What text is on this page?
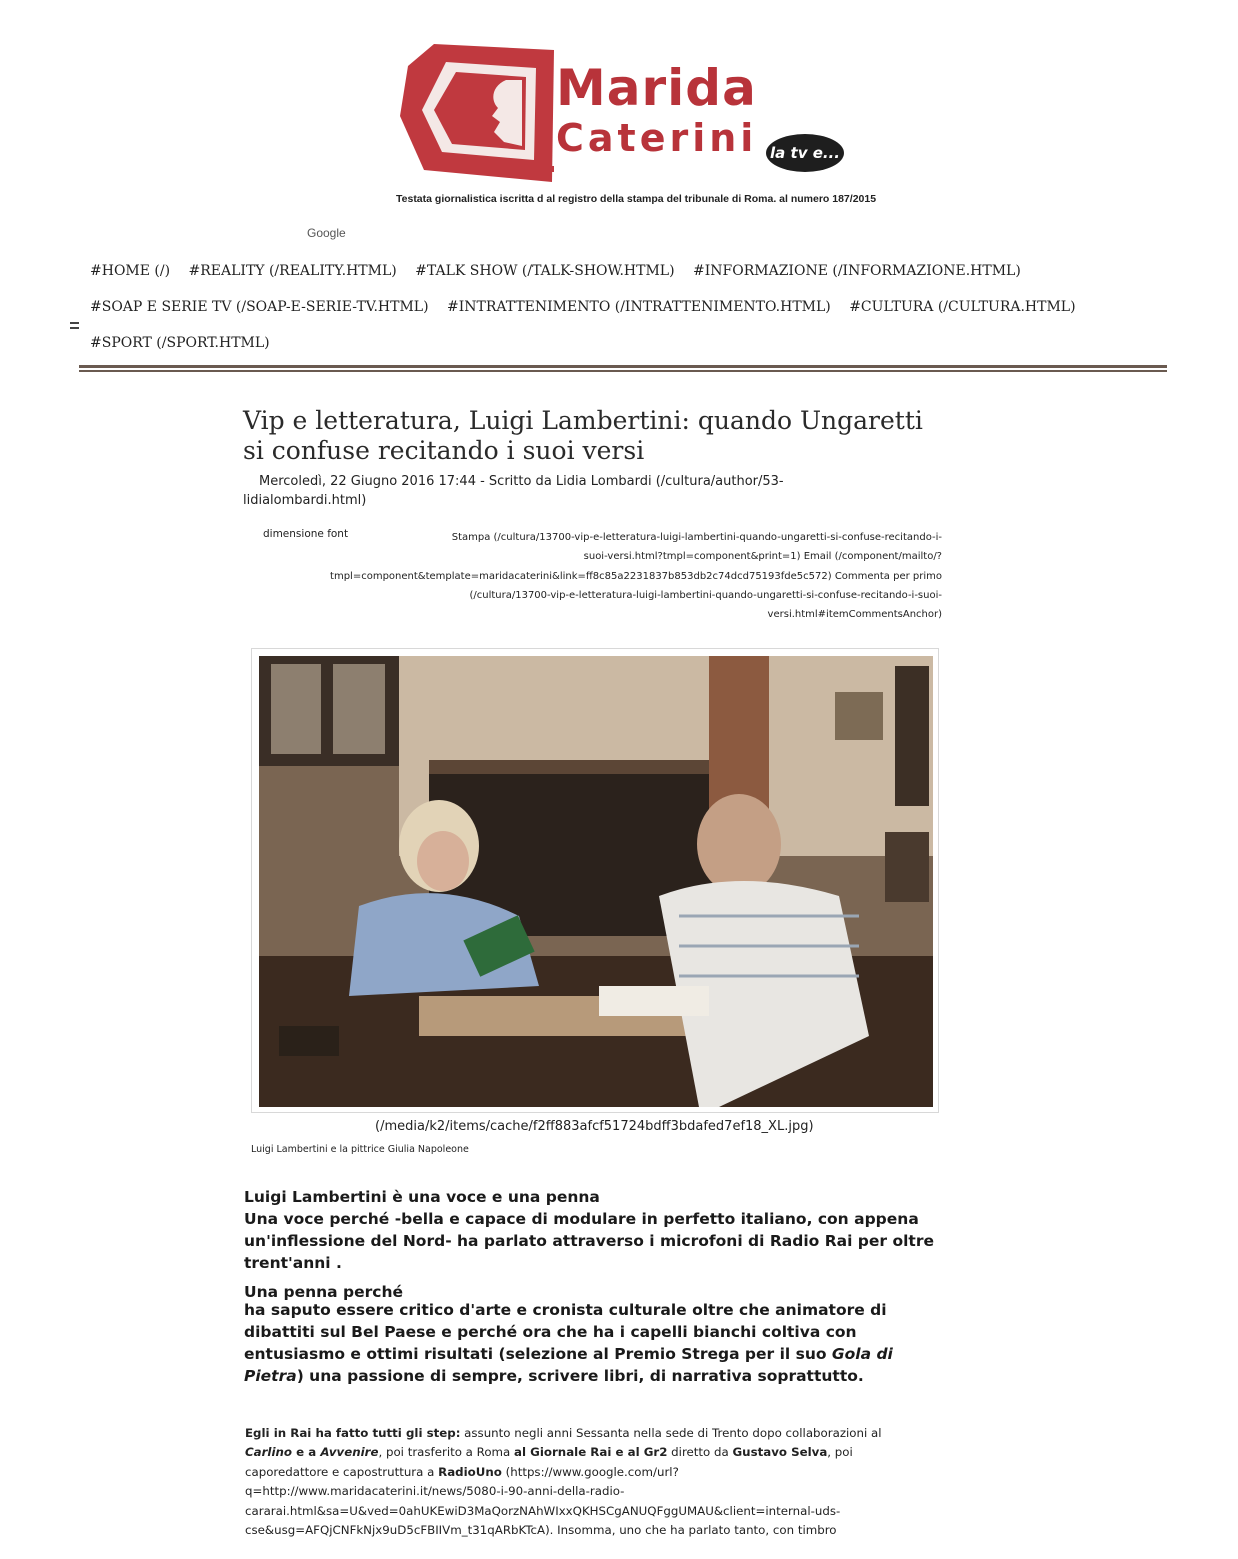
Marida
Caterini la tv e...
Testata giornalistica iscritta d al registro della stampa del tribunale di Roma. al numero 187/2015
Google
#HOME (/) #REALITY (/REALITY.HTML) #TALK SHOW (/TALK-SHOW.HTML) #INFORMAZIONE (/INFORMAZIONE.HTML)
#SOAP E SERIE TV (/SOAP-E-SERIE-TV.HTML) #INTRATTENIMENTO (/INTRATTENIMENTO.HTML) #CULTURA (/CULTURA.HTML)
#SPORT (/SPORT.HTML)
Vip e letteratura, Luigi Lambertini: quando Ungaretti si confuse recitando i suoi versi
Mercoledì, 22 Giugno 2016 17:44 - Scritto da Lidia Lombardi (/cultura/author/53-lidialombardi.html)
dimensione font	Stampa (/cultura/13700-vip-e-letteratura-luigi-lambertini-quando-ungaretti-si-confuse-recitando-i-
suoi-versi.html?tmpl=component&print=1) Email (/component/mailto/?
tmpl=component&template=maridacaterini&link=ff8c85a2231837b853db2c74dcd75193fde5c572) Commenta per primo
(/cultura/13700-vip-e-letteratura-luigi-lambertini-quando-ungaretti-si-confuse-recitando-i-suoi-
versi.html#itemCommentsAnchor)
(/media/k2/items/cache/f2ff883afcf51724bdff3bdafed7ef18_XL.jpg)
Luigi Lambertini e la pittrice Giulia Napoleone

Luigi Lambertini è una voce e una penna

Una voce perché -bella e capace di modulare in perfetto italiano, con appena un'inflessione del Nord- ha parlato attraverso i microfoni di Radio Rai per oltre trent'anni .

Una penna perché

ha saputo essere critico d'arte e cronista culturale oltre che animatore di dibattiti sul Bel Paese e perché ora che ha i capelli bianchi coltiva con entusiasmo e ottimi risultati (selezione al Premio Strega per il suo Gola di Pietra) una passione di sempre, scrivere libri, di narrativa soprattutto.

Egli in Rai ha fatto tutti gli step: assunto negli anni Sessanta nella sede di Trento dopo collaborazioni al Carlino e a Avvenire, poi trasferito a Roma al Giornale Rai e al Gr2 diretto da Gustavo Selva, poi caporedattore e capostruttura a RadioUno (https://www.google.com/url?q=http://www.maridacaterini.it/news/5080-i-90-anni-della-radio-cararai.html&sa=U&ved=0ahUKEwiD3MaQorzNAhWIxxQKHSCgANUQFggUMAU&client=internal-uds-cse&usg=AFQjCNFkNjx9uD5cFBIIVm_t31qARbKTcA). Insomma, uno che ha parlato tanto, con timbro
